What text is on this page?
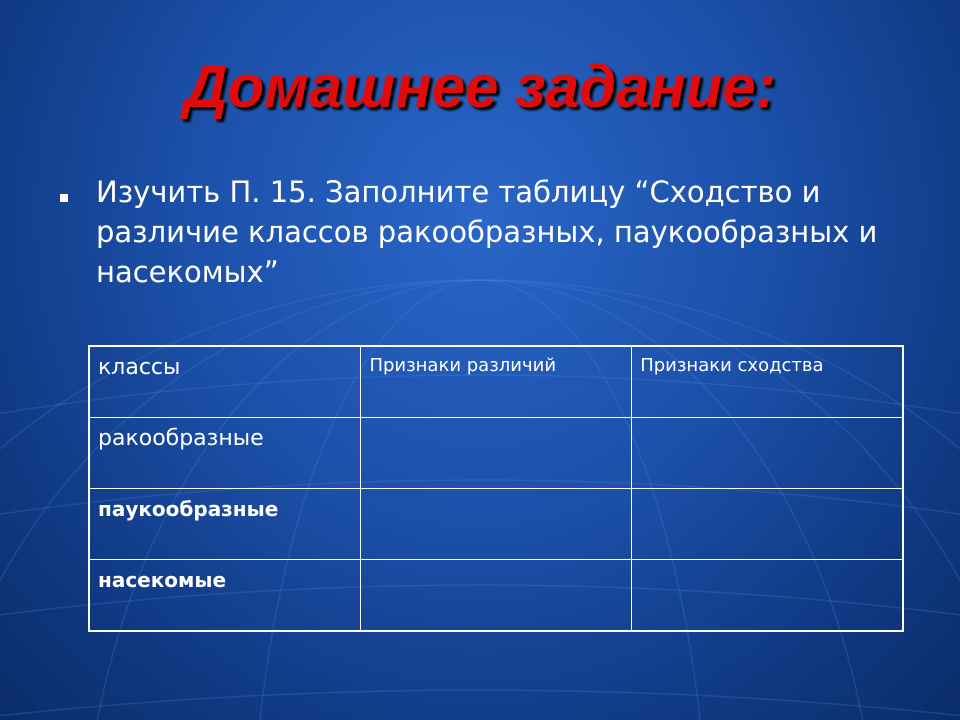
Домашнее задание:
Изучить П. 15. Заполните таблицу “Сходство и различие классов ракообразных, паукообразных и насекомых”
классы	Признаки различий	Признаки сходства
ракообразные		
паукообразные		
насекомые		
